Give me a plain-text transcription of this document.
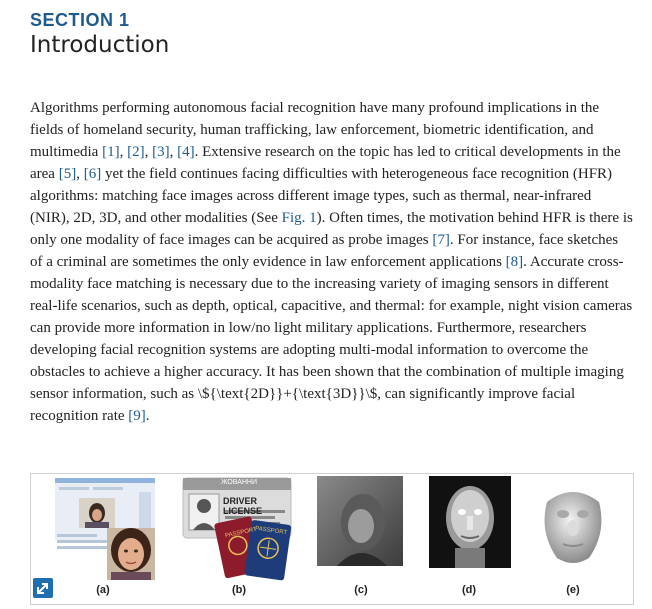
SECTION 1
Introduction

Algorithms performing autonomous facial recognition have many profound implications in the fields of homeland security, human trafficking, law enforcement, biometric identification, and multimedia [1], [2], [3], [4]. Extensive research on the topic has led to critical developments in the area [5], [6] yet the field continues facing difficulties with heterogeneous face recognition (HFR) algorithms: matching face images across different image types, such as thermal, near-infrared (NIR), 2D, 3D, and other modalities (See Fig. 1). Often times, the motivation behind HFR is there is only one modality of face images can be acquired as probe images [7]. For instance, face sketches of a criminal are sometimes the only evidence in law enforcement applications [8]. Accurate cross-modality face matching is necessary due to the increasing variety of imaging sensors in different real-life scenarios, such as depth, optical, capacitive, and thermal: for example, night vision cameras can provide more information in low/no light military applications. Furthermore, researchers developing facial recognition systems are adopting multi-modal information to overcome the obstacles to achieve a higher accuracy. It has been shown that the combination of multiple imaging sensor information, such as \${\text{2D}}+{\text{3D}}\$, can significantly improve facial recognition rate [9].

ЖОВАННИ
DRIVER LICENSE
PASSPORT
PASSPORT
(a)	(b)	(c)	(d)	(e)
